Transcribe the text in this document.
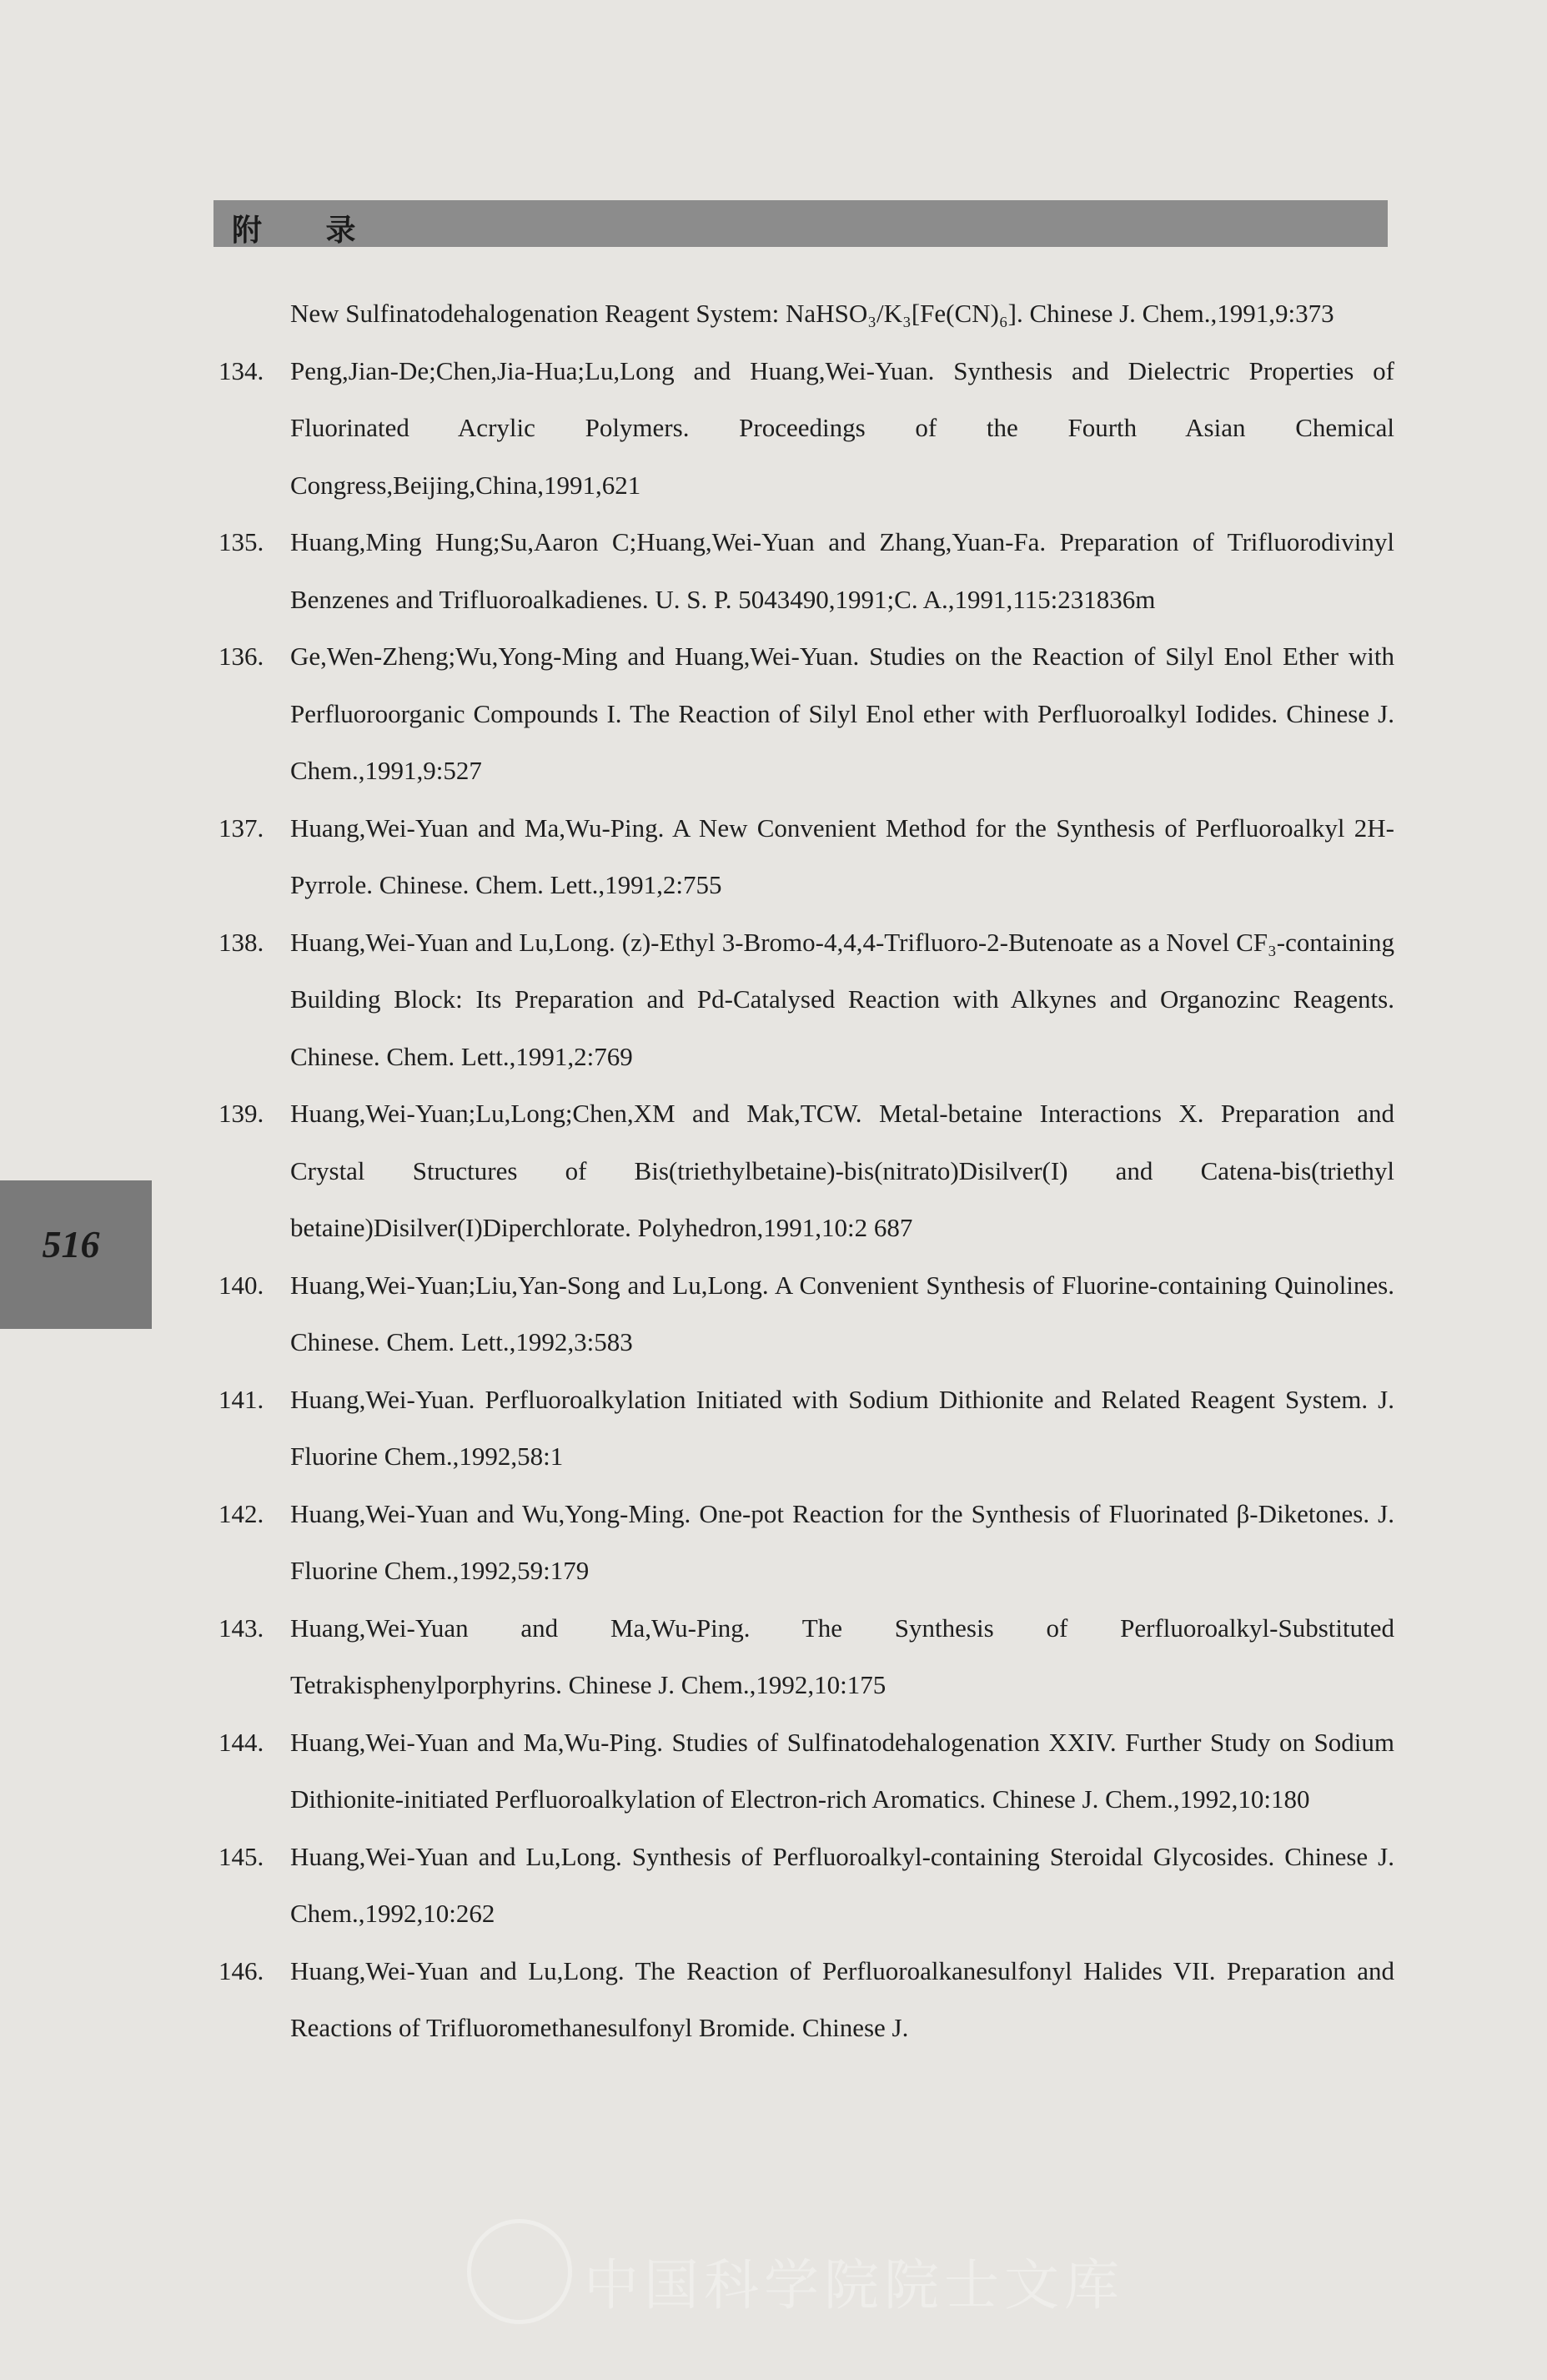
附 录
516
New Sulfinatodehalogenation Reagent System: NaHSO₃/K₃[Fe(CN)₆]. Chinese J. Chem.,1991,9:373
134. Peng,Jian-De;Chen,Jia-Hua;Lu,Long and Huang,Wei-Yuan. Synthesis and Dielectric Properties of Fluorinated Acrylic Polymers. Proceedings of the Fourth Asian Chemical Congress,Beijing,China,1991,621
135. Huang,Ming Hung;Su,Aaron C;Huang,Wei-Yuan and Zhang,Yuan-Fa. Preparation of Trifluorodivinyl Benzenes and Trifluoroalkadienes. U. S. P. 5043490,1991;C. A.,1991,115:231836m
136. Ge,Wen-Zheng;Wu,Yong-Ming and Huang,Wei-Yuan. Studies on the Reaction of Silyl Enol Ether with Perfluoroorganic Compounds I. The Reaction of Silyl Enol ether with Perfluoroalkyl Iodides. Chinese J. Chem.,1991,9:527
137. Huang,Wei-Yuan and Ma,Wu-Ping. A New Convenient Method for the Synthesis of Perfluoroalkyl 2H-Pyrrole. Chinese. Chem. Lett.,1991,2:755
138. Huang,Wei-Yuan and Lu,Long. (z)-Ethyl 3-Bromo-4,4,4-Trifluoro-2-Butenoate as a Novel CF₃-containing Building Block: Its Preparation and Pd-Catalysed Reaction with Alkynes and Organozinc Reagents. Chinese. Chem. Lett.,1991,2:769
139. Huang,Wei-Yuan;Lu,Long;Chen,XM and Mak,TCW. Metal-betaine Interactions X. Preparation and Crystal Structures of Bis(triethylbetaine)-bis(nitrato)Disilver(I) and Catena-bis(triethyl betaine)Disilver(I)Diperchlorate. Polyhedron,1991,10:2 687
140. Huang,Wei-Yuan;Liu,Yan-Song and Lu,Long. A Convenient Synthesis of Fluorine-containing Quinolines. Chinese. Chem. Lett.,1992,3:583
141. Huang,Wei-Yuan. Perfluoroalkylation Initiated with Sodium Dithionite and Related Reagent System. J. Fluorine Chem.,1992,58:1
142. Huang,Wei-Yuan and Wu,Yong-Ming. One-pot Reaction for the Synthesis of Fluorinated β-Diketones. J. Fluorine Chem.,1992,59:179
143. Huang,Wei-Yuan and Ma,Wu-Ping. The Synthesis of Perfluoroalkyl-Substituted Tetrakisphenylporphyrins. Chinese J. Chem.,1992,10:175
144. Huang,Wei-Yuan and Ma,Wu-Ping. Studies of Sulfinatodehalogenation XXIV. Further Study on Sodium Dithionite-initiated Perfluoroalkylation of Electron-rich Aromatics. Chinese J. Chem.,1992,10:180
145. Huang,Wei-Yuan and Lu,Long. Synthesis of Perfluoroalkyl-containing Steroidal Glycosides. Chinese J. Chem.,1992,10:262
146. Huang,Wei-Yuan and Lu,Long. The Reaction of Perfluoroalkanesulfonyl Halides VII. Preparation and Reactions of Trifluoromethanesulfonyl Bromide. Chinese J.
中国科学院院士文库
